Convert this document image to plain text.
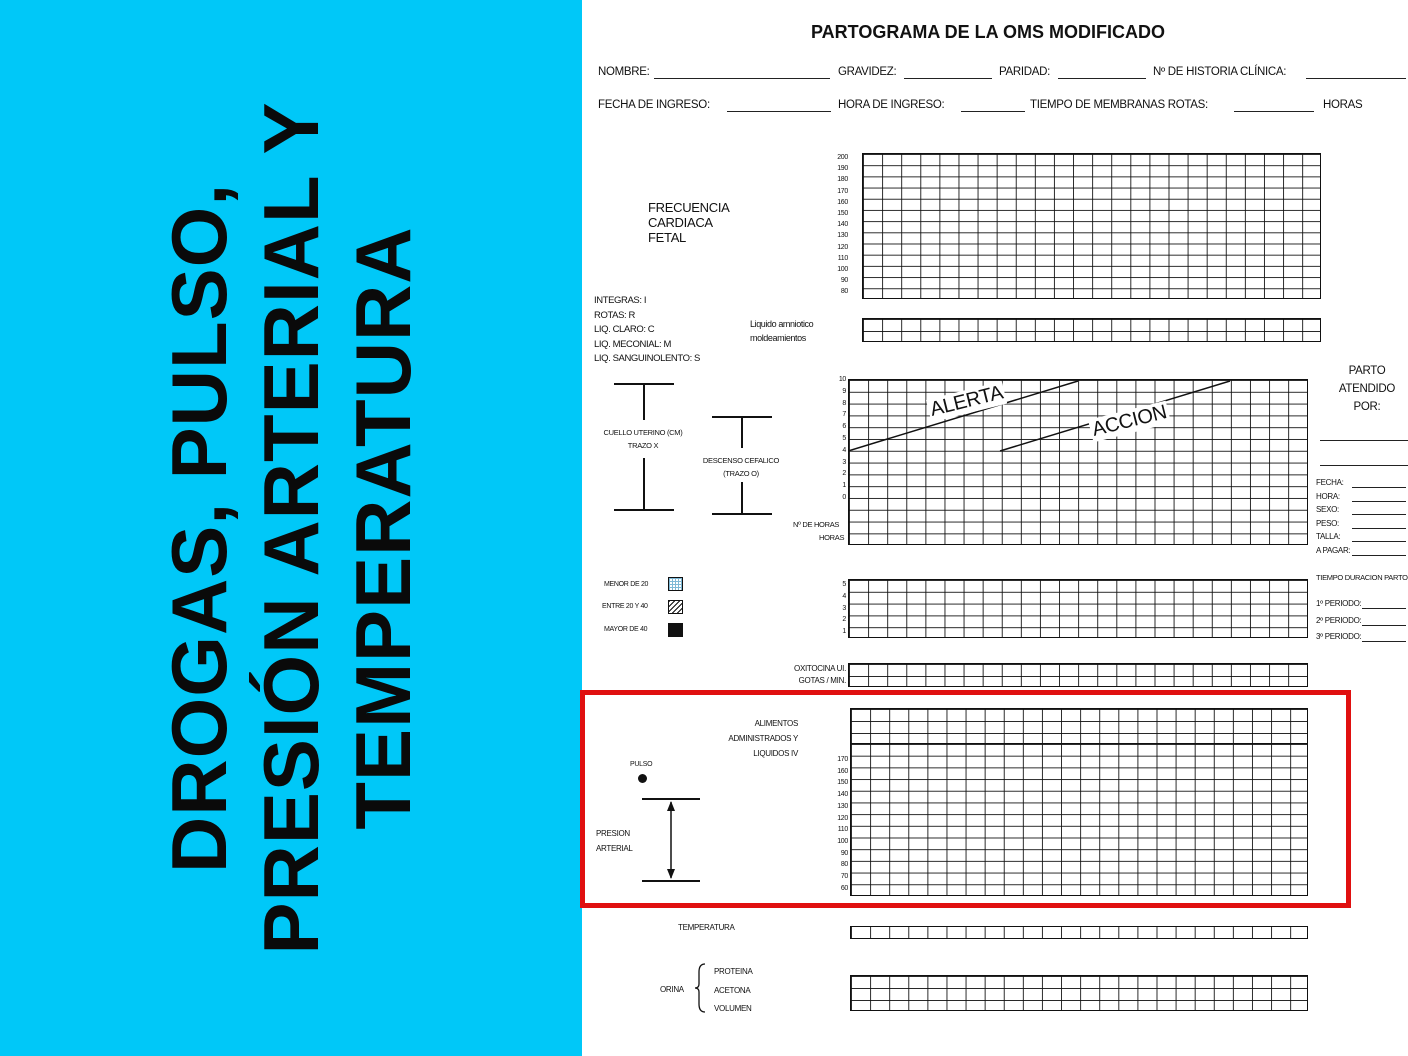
DROGAS, PULSO, PRESIÓN ARTERIAL Y TEMPERATURA
PARTOGRAMA DE LA OMS MODIFICADO
NOMBRE:	GRAVIDEZ:	PARIDAD:	Nº DE HISTORIA CLÍNICA:
FECHA DE INGRESO:	HORA DE INGRESO:	TIEMPO DE MEMBRANAS ROTAS:	HORAS
FRECUENCIA
CARDIACA
FETAL
200
190
180
170
160
150
140
130
120
110
100
90
80
INTEGRAS: I
ROTAS: R
LIQ. CLARO: C
LIQ. MECONIAL: M
LIQ. SANGUINOLENTO: S
Liquido amniotico
moldeamientos
10
9
8
7
6
5
4
3
2
1
0
ALERTA	ACCION
Nº DE HORAS
HORAS
CUELLO UTERINO (CM)
TRAZO X
DESCENSO CEFALICO
(TRAZO O)
PARTO
ATENDIDO
POR:
FECHA:
HORA:
SEXO:
PESO:
TALLA:
A PAGAR:
TIEMPO DURACION PARTO
1º PERIODO:
2º PERIODO:
3º PERIODO:
5
4
3
2
1
MENOR DE 20
ENTRE 20 Y 40
MAYOR DE 40
OXITOCINA UI.
GOTAS / MIN.
ALIMENTOS
ADMINISTRADOS Y
LIQUIDOS IV
PULSO
PRESION
ARTERIAL
170
160
150
140
130
120
110
100
90
80
70
60
TEMPERATURA
ORINA
PROTEINA
ACETONA
VOLUMEN
